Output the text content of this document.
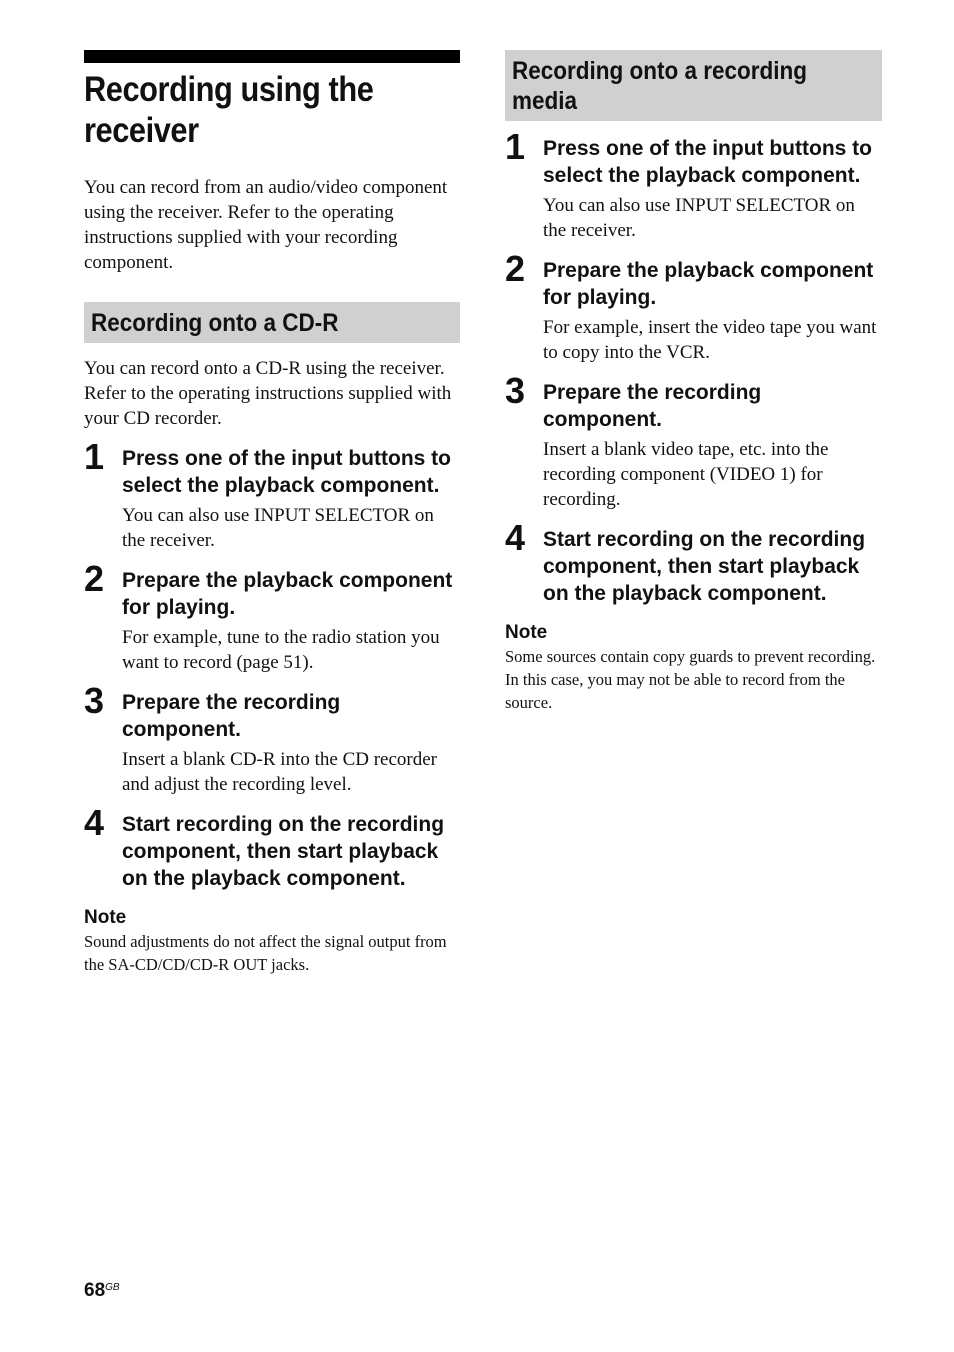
Recording using the
receiver

You can record from an audio/video component using the receiver. Refer to the operating instructions supplied with your recording component.

Recording onto a CD-R

You can record onto a CD-R using the receiver. Refer to the operating instructions supplied with your CD recorder.

1 Press one of the input buttons to select the playback component.

You can also use INPUT SELECTOR on the receiver.

2 Prepare the playback component for playing.

For example, tune to the radio station you want to record (page 51).

3 Prepare the recording component.

Insert a blank CD-R into the CD recorder and adjust the recording level.

4 Start recording on the recording component, then start playback on the playback component.

Note

Sound adjustments do not affect the signal output from the SA-CD/CD/CD-R OUT jacks.

Recording onto a recording
media
1 Press one of the input buttons to select the playback component.

You can also use INPUT SELECTOR on the receiver.

2 Prepare the playback component for playing.

For example, insert the video tape you want to copy into the VCR.

3 Prepare the recording component.

Insert a blank video tape, etc. into the recording component (VIDEO 1) for recording.

4 Start recording on the recording component, then start playback on the playback component.

Note

Some sources contain copy guards to prevent recording. In this case, you may not be able to record from the source.

$68^{GB}$
